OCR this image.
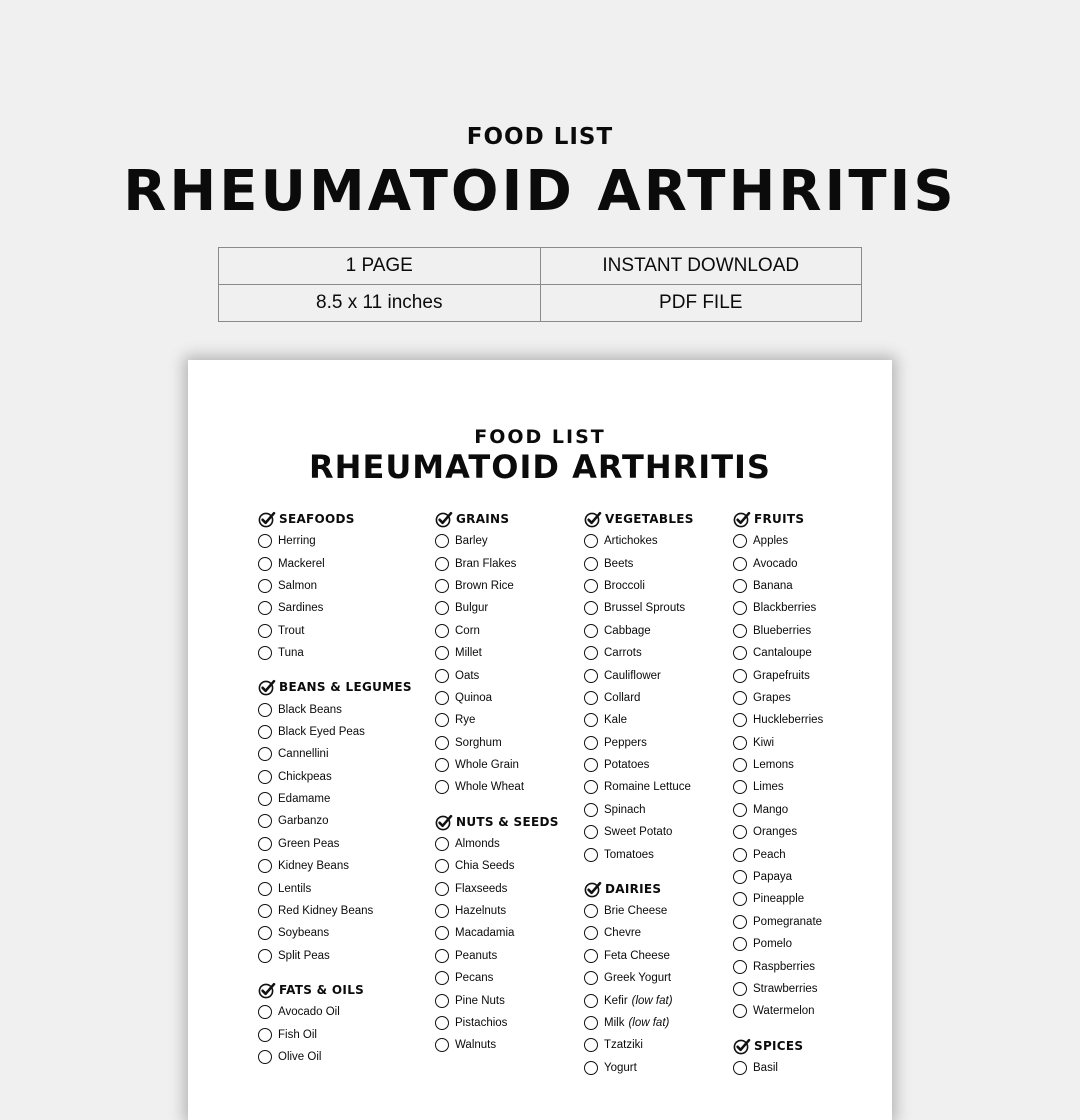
FOOD LIST
RHEUMATOID ARTHRITIS
1 PAGE	INSTANT DOWNLOAD
8.5 x 11 inches	PDF FILE
FOOD LIST
RHEUMATOID ARTHRITIS
SEAFOODS
Herring
Mackerel
Salmon
Sardines
Trout
Tuna
BEANS & LEGUMES
Black Beans
Black Eyed Peas
Cannellini
Chickpeas
Edamame
Garbanzo
Green Peas
Kidney Beans
Lentils
Red Kidney Beans
Soybeans
Split Peas
FATS & OILS
Avocado Oil
Fish Oil
Olive Oil
GRAINS
Barley
Bran Flakes
Brown Rice
Bulgur
Corn
Millet
Oats
Quinoa
Rye
Sorghum
Whole Grain
Whole Wheat
NUTS & SEEDS
Almonds
Chia Seeds
Flaxseeds
Hazelnuts
Macadamia
Peanuts
Pecans
Pine Nuts
Pistachios
Walnuts
VEGETABLES
Artichokes
Beets
Broccoli
Brussel Sprouts
Cabbage
Carrots
Cauliflower
Collard
Kale
Peppers
Potatoes
Romaine Lettuce
Spinach
Sweet Potato
Tomatoes
DAIRIES
Brie Cheese
Chevre
Feta Cheese
Greek Yogurt
Kefir (low fat)
Milk (low fat)
Tzatziki
Yogurt
FRUITS
Apples
Avocado
Banana
Blackberries
Blueberries
Cantaloupe
Grapefruits
Grapes
Huckleberries
Kiwi
Lemons
Limes
Mango
Oranges
Peach
Papaya
Pineapple
Pomegranate
Pomelo
Raspberries
Strawberries
Watermelon
SPICES
Basil
